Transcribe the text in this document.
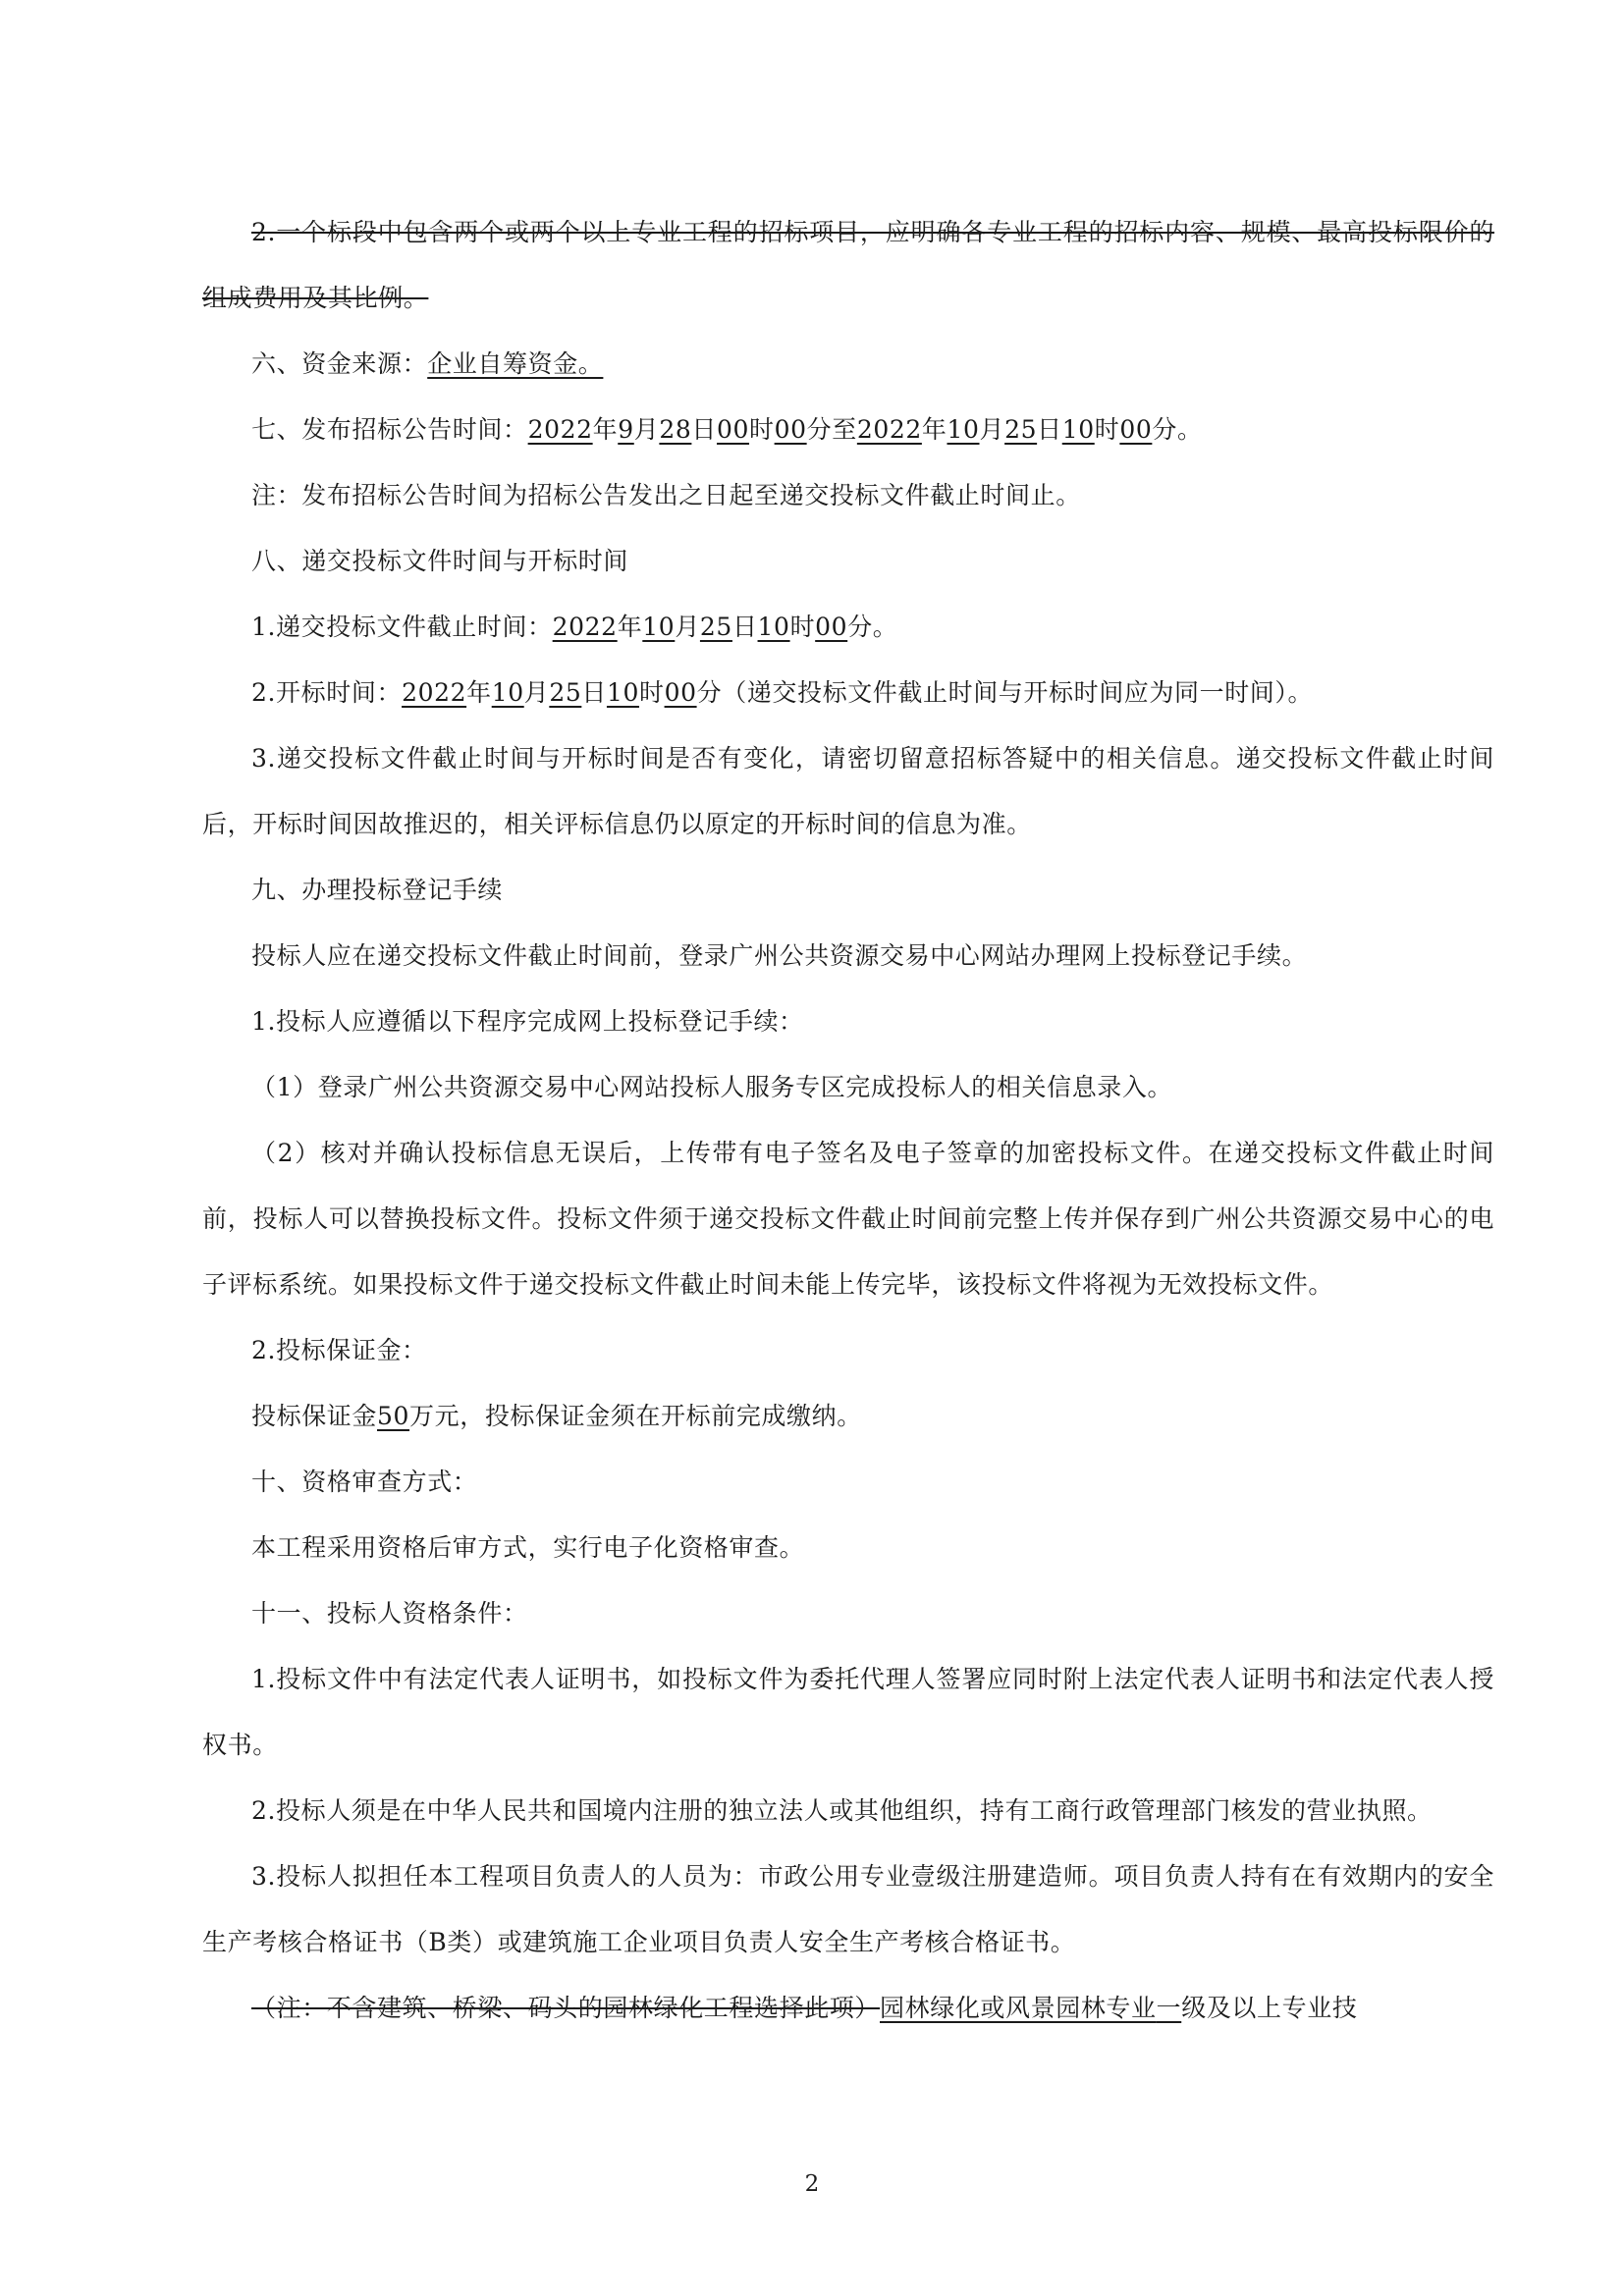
2.一个标段中包含两个或两个以上专业工程的招标项目，应明确各专业工程的招标内容、规模、最高投标限价的组成费用及其比例。

六、资金来源：企业自筹资金。

七、发布招标公告时间：2022年9月28日00时00分至2022年10月25日10时00分。

注：发布招标公告时间为招标公告发出之日起至递交投标文件截止时间止。

八、递交投标文件时间与开标时间

1.递交投标文件截止时间：2022年10月25日10时00分。

2.开标时间：2022年10月25日10时00分（递交投标文件截止时间与开标时间应为同一时间）。

3.递交投标文件截止时间与开标时间是否有变化，请密切留意招标答疑中的相关信息。递交投标文件截止时间后，开标时间因故推迟的，相关评标信息仍以原定的开标时间的信息为准。

九、办理投标登记手续

投标人应在递交投标文件截止时间前，登录广州公共资源交易中心网站办理网上投标登记手续。

1.投标人应遵循以下程序完成网上投标登记手续：

（1）登录广州公共资源交易中心网站投标人服务专区完成投标人的相关信息录入。

（2）核对并确认投标信息无误后，上传带有电子签名及电子签章的加密投标文件。在递交投标文件截止时间前，投标人可以替换投标文件。投标文件须于递交投标文件截止时间前完整上传并保存到广州公共资源交易中心的电子评标系统。如果投标文件于递交投标文件截止时间未能上传完毕，该投标文件将视为无效投标文件。

2.投标保证金：

投标保证金50万元，投标保证金须在开标前完成缴纳。

十、资格审查方式：

本工程采用资格后审方式，实行电子化资格审查。

十一、投标人资格条件：

1.投标文件中有法定代表人证明书，如投标文件为委托代理人签署应同时附上法定代表人证明书和法定代表人授权书。

2.投标人须是在中华人民共和国境内注册的独立法人或其他组织，持有工商行政管理部门核发的营业执照。

3.投标人拟担任本工程项目负责人的人员为：市政公用专业壹级注册建造师。项目负责人持有在有效期内的安全生产考核合格证书（B类）或建筑施工企业项目负责人安全生产考核合格证书。

（注：不含建筑、桥梁、码头的园林绿化工程选择此项）园林绿化或风景园林专业一级及以上专业技

2
